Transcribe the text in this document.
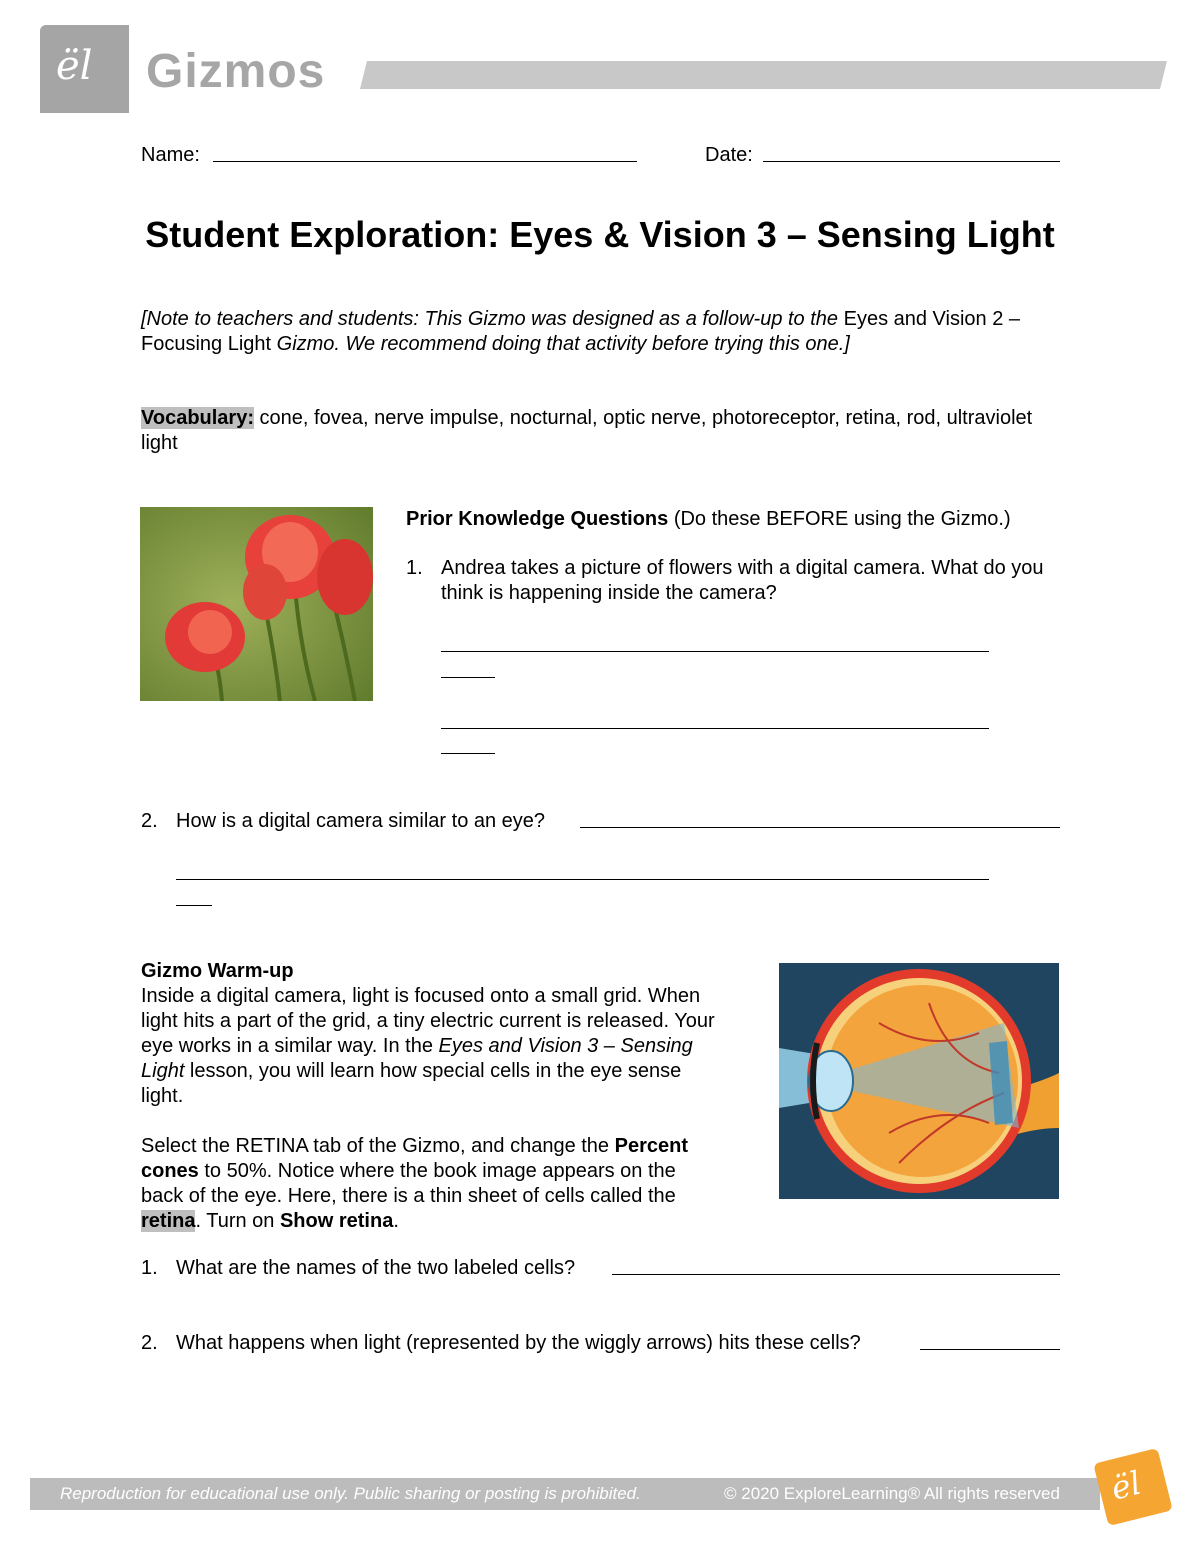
ël Gizmos
Name:	Date:
Student Exploration: Eyes & Vision 3 – Sensing Light
[Note to teachers and students: This Gizmo was designed as a follow-up to the Eyes and Vision 2 – Focusing Light Gizmo. We recommend doing that activity before trying this one.]
Vocabulary: cone, fovea, nerve impulse, nocturnal, optic nerve, photoreceptor, retina, rod, ultraviolet light
Prior Knowledge Questions (Do these BEFORE using the Gizmo.)
1. Andrea takes a picture of flowers with a digital camera. What do you think is happening inside the camera?
2. How is a digital camera similar to an eye?
Gizmo Warm-up
Inside a digital camera, light is focused onto a small grid. When light hits a part of the grid, a tiny electric current is released. Your eye works in a similar way. In the Eyes and Vision 3 – Sensing Light lesson, you will learn how special cells in the eye sense light.
Select the RETINA tab of the Gizmo, and change the Percent cones to 50%. Notice where the book image appears on the back of the eye. Here, there is a thin sheet of cells called the retina. Turn on Show retina.
1. What are the names of the two labeled cells?
2. What happens when light (represented by the wiggly arrows) hits these cells?
Reproduction for educational use only. Public sharing or posting is prohibited.	© 2020 ExploreLearning® All rights reserved ël
